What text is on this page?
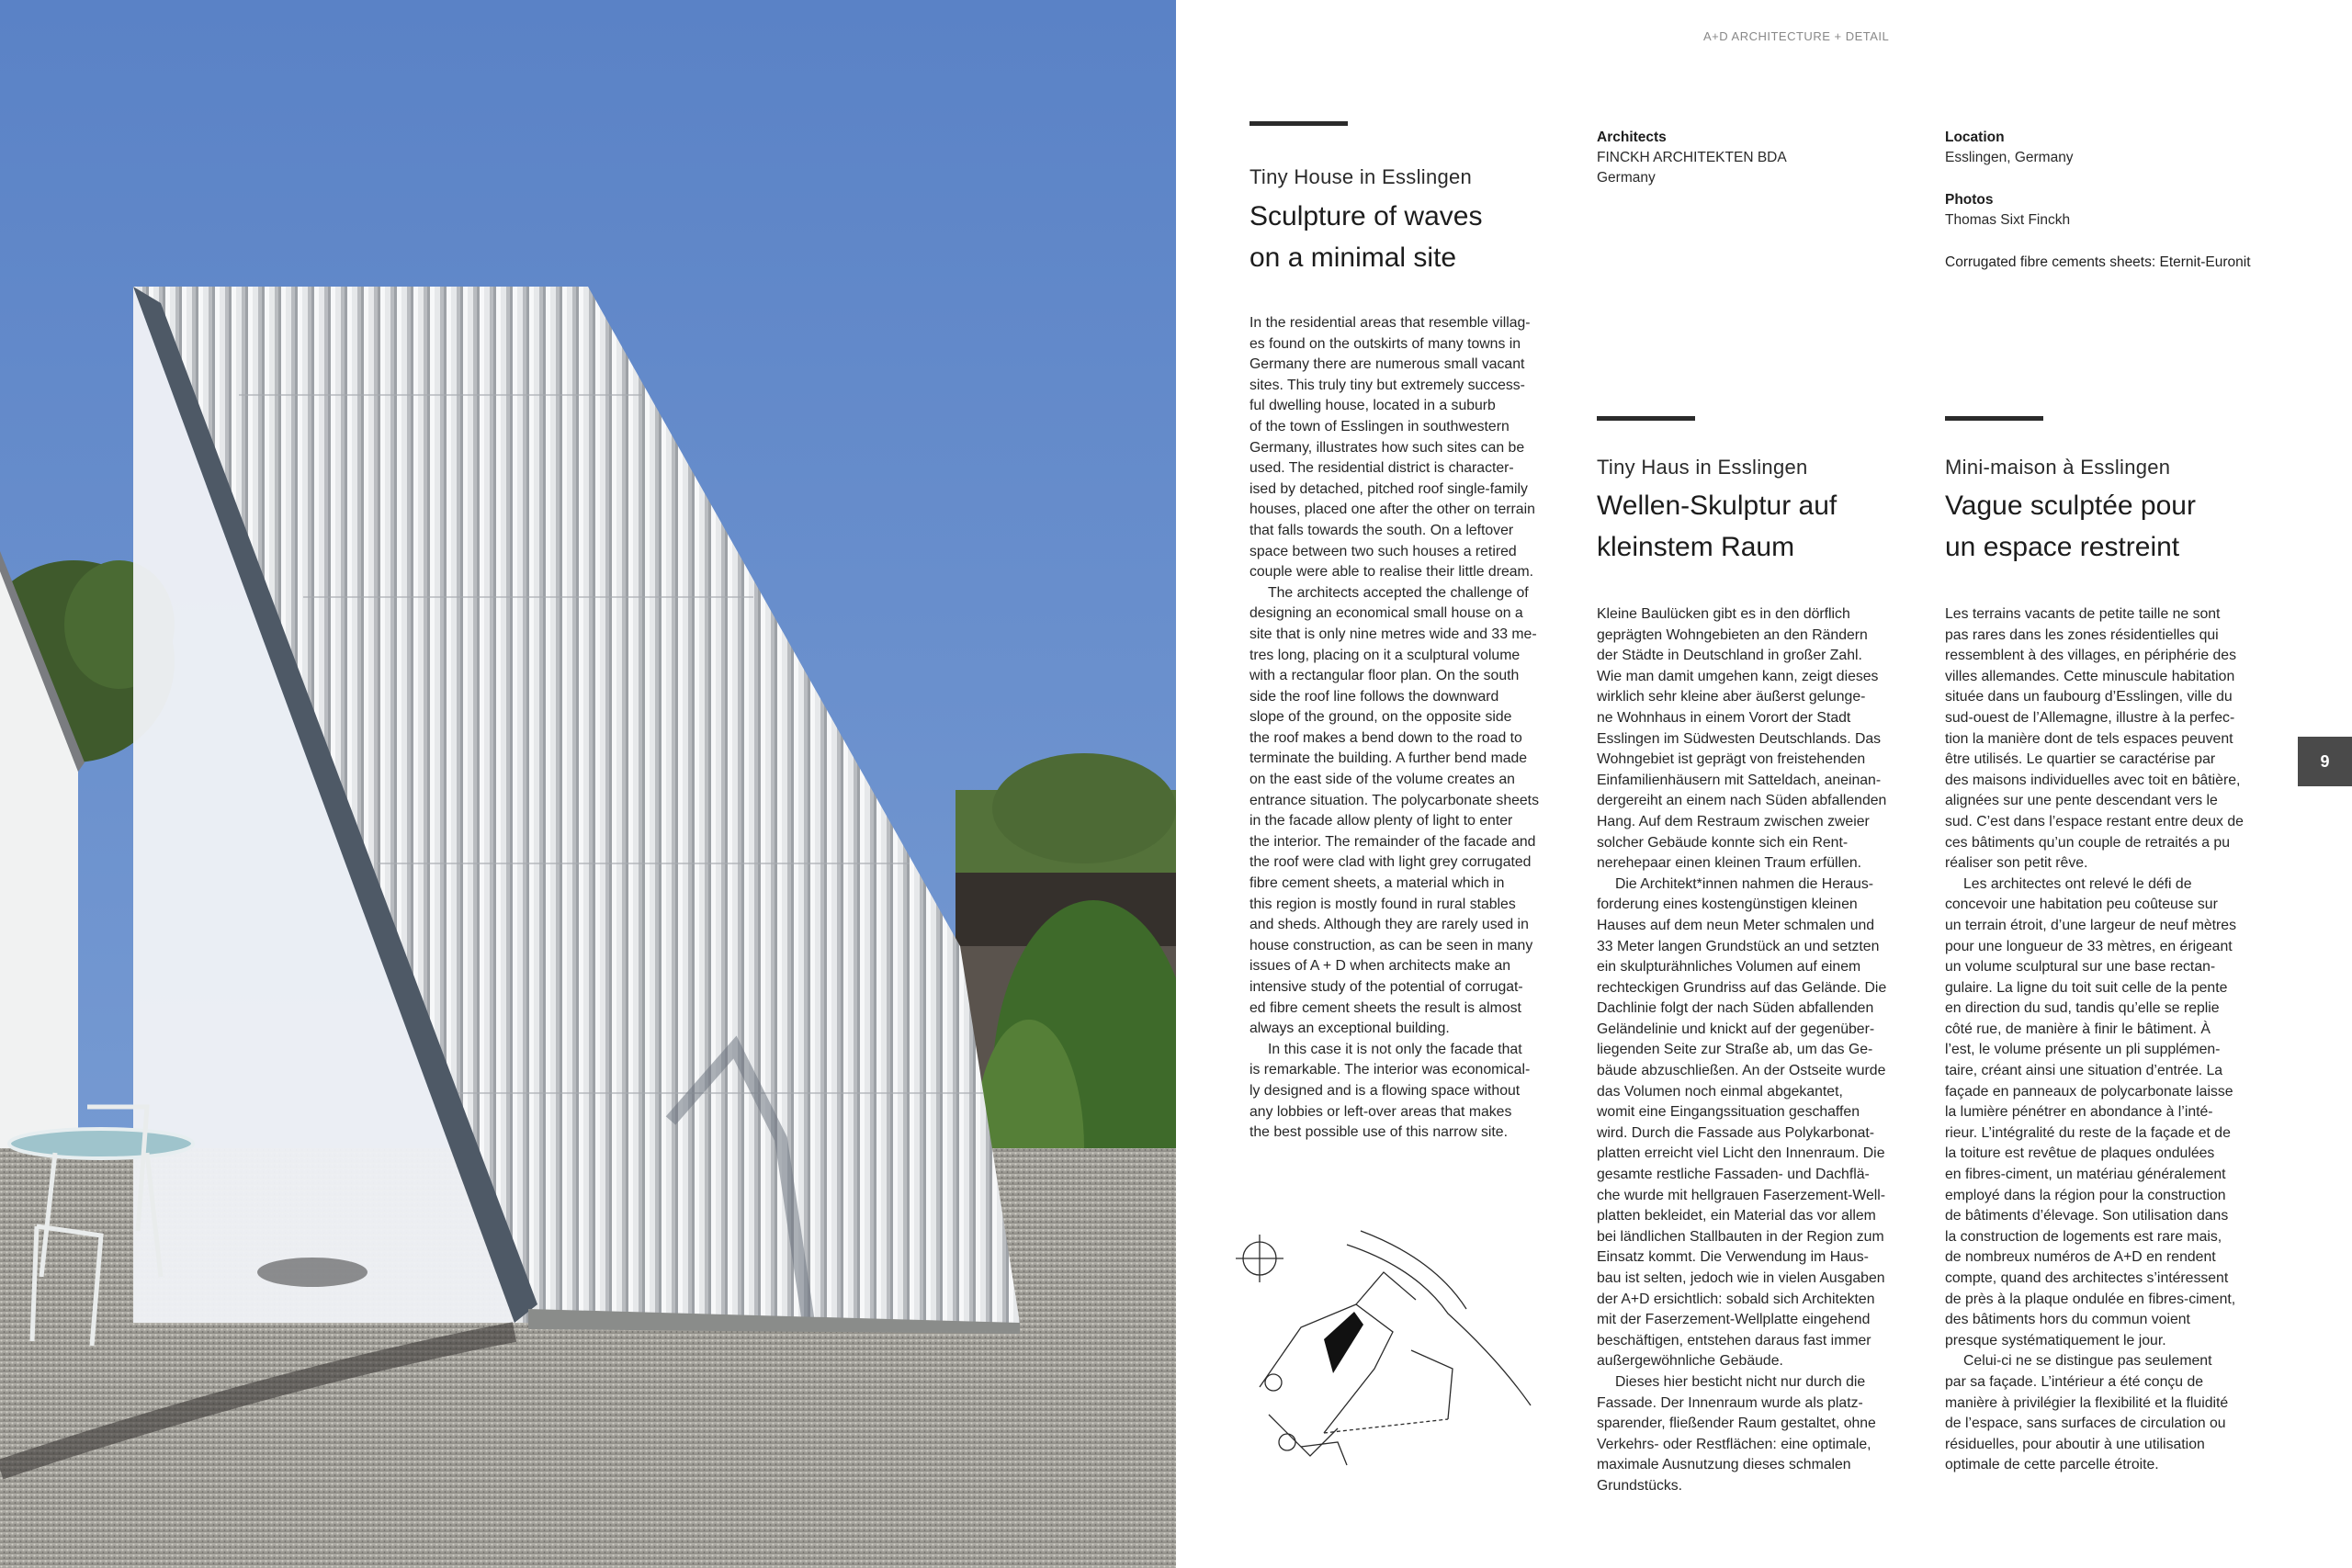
A+D ARCHITECTURE + DETAIL
Tiny House in Esslingen
Sculpture of waves
on a minimal site
Architects
FINCKH ARCHITEKTEN BDA
Germany
Location
Esslingen, Germany
Photos
Thomas Sixt Finckh
Corrugated fibre cements sheets: Eternit-Euronit

In the residential areas that resemble villag-
es found on the outskirts of many towns in
Germany there are numerous small vacant
sites. This truly tiny but extremely success-
ful dwelling house, located in a suburb
of the town of Esslingen in southwestern
Germany, illustrates how such sites can be
used. The residential district is character-
ised by detached, pitched roof single-family
houses, placed one after the other on terrain
that falls towards the south. On a leftover
space between two such houses a retired
couple were able to realise their little dream.

The architects accepted the challenge of
designing an economical small house on a
site that is only nine metres wide and 33 me-
tres long, placing on it a sculptural volume
with a rectangular floor plan. On the south
side the roof line follows the downward
slope of the ground, on the opposite side
the roof makes a bend down to the road to
terminate the building. A further bend made
on the east side of the volume creates an
entrance situation. The polycarbonate sheets
in the facade allow plenty of light to enter
the interior. The remainder of the facade and
the roof were clad with light grey corrugated
fibre cement sheets, a material which in
this region is mostly found in rural stables
and sheds. Although they are rarely used in
house construction, as can be seen in many
issues of A + D when architects make an
intensive study of the potential of corrugat-
ed fibre cement sheets the result is almost
always an exceptional building.

In this case it is not only the facade that
is remarkable. The interior was economical-
ly designed and is a flowing space without
any lobbies or left-over areas that makes
the best possible use of this narrow site.

Tiny Haus in Esslingen
Wellen-Skulptur auf
kleinstem Raum
Mini-maison à Esslingen
Vague sculptée pour
un espace restreint

Kleine Baulücken gibt es in den dörflich
geprägten Wohngebieten an den Rändern
der Städte in Deutschland in großer Zahl.
Wie man damit umgehen kann, zeigt dieses
wirklich sehr kleine aber äußerst gelunge-
ne Wohnhaus in einem Vorort der Stadt
Esslingen im Südwesten Deutschlands. Das
Wohngebiet ist geprägt von freistehenden
Einfamilienhäusern mit Satteldach, aneinan-
dergereiht an einem nach Süden abfallenden
Hang. Auf dem Restraum zwischen zweier
solcher Gebäude konnte sich ein Rent-
nerehepaar einen kleinen Traum erfüllen.

Die Architekt*innen nahmen die Heraus-
forderung eines kostengünstigen kleinen
Hauses auf dem neun Meter schmalen und
33 Meter langen Grundstück an und setzten
ein skulpturähnliches Volumen auf einem
rechteckigen Grundriss auf das Gelände. Die
Dachlinie folgt der nach Süden abfallenden
Geländelinie und knickt auf der gegenüber-
liegenden Seite zur Straße ab, um das Ge-
bäude abzuschließen. An der Ostseite wurde
das Volumen noch einmal abgekantet,
womit eine Eingangssituation geschaffen
wird. Durch die Fassade aus Polykarbonat-
platten erreicht viel Licht den Innenraum. Die
gesamte restliche Fassaden- und Dachflä-
che wurde mit hellgrauen Faserzement-Well-
platten bekleidet, ein Material das vor allem
bei ländlichen Stallbauten in der Region zum
Einsatz kommt. Die Verwendung im Haus-
bau ist selten, jedoch wie in vielen Ausgaben
der A+D ersichtlich: sobald sich Architekten
mit der Faserzement-Wellplatte eingehend
beschäftigen, entstehen daraus fast immer
außergewöhnliche Gebäude.

Dieses hier besticht nicht nur durch die
Fassade. Der Innenraum wurde als platz-
sparender, fließender Raum gestaltet, ohne
Verkehrs- oder Restflächen: eine optimale,
maximale Ausnutzung dieses schmalen
Grundstücks.

Les terrains vacants de petite taille ne sont
pas rares dans les zones résidentielles qui
ressemblent à des villages, en périphérie des
villes allemandes. Cette minuscule habitation
située dans un faubourg d’Esslingen, ville du
sud-ouest de l’Allemagne, illustre à la perfec-
tion la manière dont de tels espaces peuvent
être utilisés. Le quartier se caractérise par
des maisons individuelles avec toit en bâtière,
alignées sur une pente descendant vers le
sud. C’est dans l’espace restant entre deux de
ces bâtiments qu’un couple de retraités a pu
réaliser son petit rêve.

Les architectes ont relevé le défi de
concevoir une habitation peu coûteuse sur
un terrain étroit, d’une largeur de neuf mètres
pour une longueur de 33 mètres, en érigeant
un volume sculptural sur une base rectan-
gulaire. La ligne du toit suit celle de la pente
en direction du sud, tandis qu’elle se replie
côté rue, de manière à finir le bâtiment. À
l’est, le volume présente un pli supplémen-
taire, créant ainsi une situation d’entrée. La
façade en panneaux de polycarbonate laisse
la lumière pénétrer en abondance à l’inté-
rieur. L’intégralité du reste de la façade et de
la toiture est revêtue de plaques ondulées
en fibres-ciment, un matériau généralement
employé dans la région pour la construction
de bâtiments d’élevage. Son utilisation dans
la construction de logements est rare mais,
de nombreux numéros de A+D en rendent
compte, quand des architectes s’intéressent
de près à la plaque ondulée en fibres-ciment,
des bâtiments hors du commun voient
presque systématiquement le jour.

Celui-ci ne se distingue pas seulement
par sa façade. L’intérieur a été conçu de
manière à privilégier la flexibilité et la fluidité
de l’espace, sans surfaces de circulation ou
résiduelles, pour aboutir à une utilisation
optimale de cette parcelle étroite.

9
